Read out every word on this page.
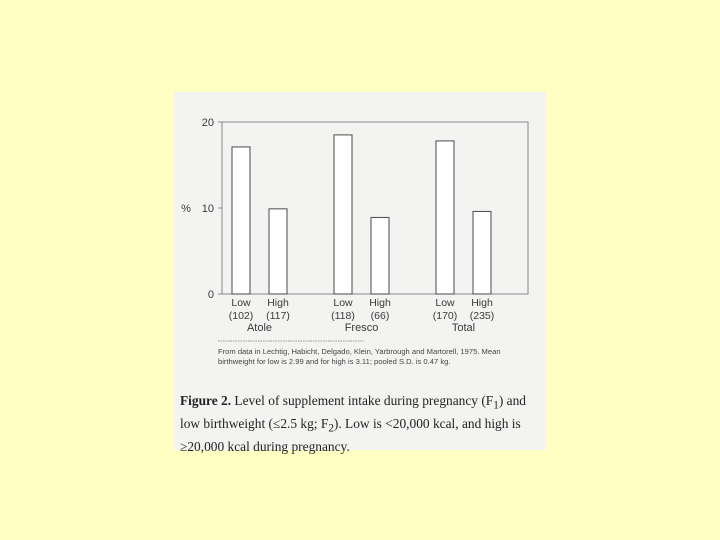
20
10
0
%
Low
(102)
High
(117)
Atole
Low
(118)
High
(66)
Fresco
Low
(170)
High
(235)
Total
From data in Lechtig, Habicht, Delgado, Klein, Yarbrough and Martorell, 1975. Mean birthweight for low is 2.99 and for high is 3.11; pooled S.D. is 0.47 kg.
Figure 2. Level of supplement intake during pregnancy $(F_1)$ and low birthweight (≤2.5 kg; $F_2$). Low is <20,000 kcal, and high is ≥20,000 kcal during pregnancy.
